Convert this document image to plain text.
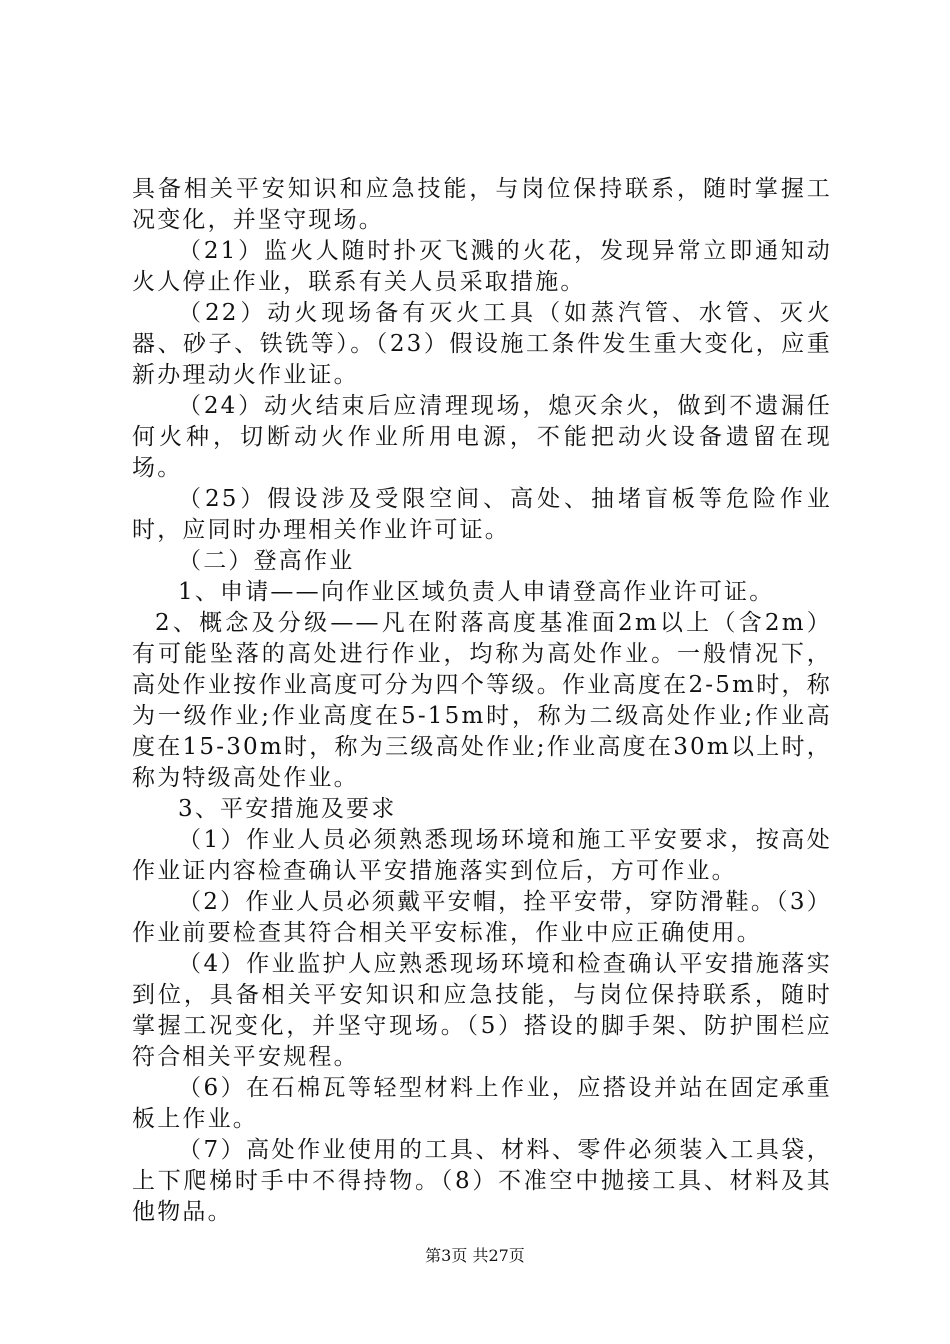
具备相关平安知识和应急技能，与岗位保持联系，随时掌握工况变化，并坚守现场。

（21）监火人随时扑灭飞溅的火花，发现异常立即通知动火人停止作业，联系有关人员采取措施。

（22）动火现场备有灭火工具（如蒸汽管、水管、灭火器、砂子、铁铣等）。（23）假设施工条件发生重大变化，应重新办理动火作业证。

（24）动火结束后应清理现场，熄灭余火，做到不遗漏任何火种，切断动火作业所用电源，不能把动火设备遗留在现场。

（25）假设涉及受限空间、高处、抽堵盲板等危险作业时，应同时办理相关作业许可证。

（二）登高作业

1、申请——向作业区域负责人申请登高作业许可证。

2、概念及分级——凡在附落高度基准面2m以上（含2m）有可能坠落的高处进行作业，均称为高处作业。一般情况下，高处作业按作业高度可分为四个等级。作业高度在2-5m时，称为一级作业;作业高度在5-15m时，称为二级高处作业;作业高度在15-30m时，称为三级高处作业;作业高度在30m以上时，称为特级高处作业。

3、平安措施及要求

（1）作业人员必须熟悉现场环境和施工平安要求，按高处作业证内容检查确认平安措施落实到位后，方可作业。

（2）作业人员必须戴平安帽，拴平安带，穿防滑鞋。（3）作业前要检查其符合相关平安标准，作业中应正确使用。

（4）作业监护人应熟悉现场环境和检查确认平安措施落实到位，具备相关平安知识和应急技能，与岗位保持联系，随时掌握工况变化，并坚守现场。（5）搭设的脚手架、防护围栏应符合相关平安规程。

（6）在石棉瓦等轻型材料上作业，应搭设并站在固定承重板上作业。

（7）高处作业使用的工具、材料、零件必须装入工具袋，上下爬梯时手中不得持物。（8）不准空中抛接工具、材料及其他物品。

第3页 共27页
